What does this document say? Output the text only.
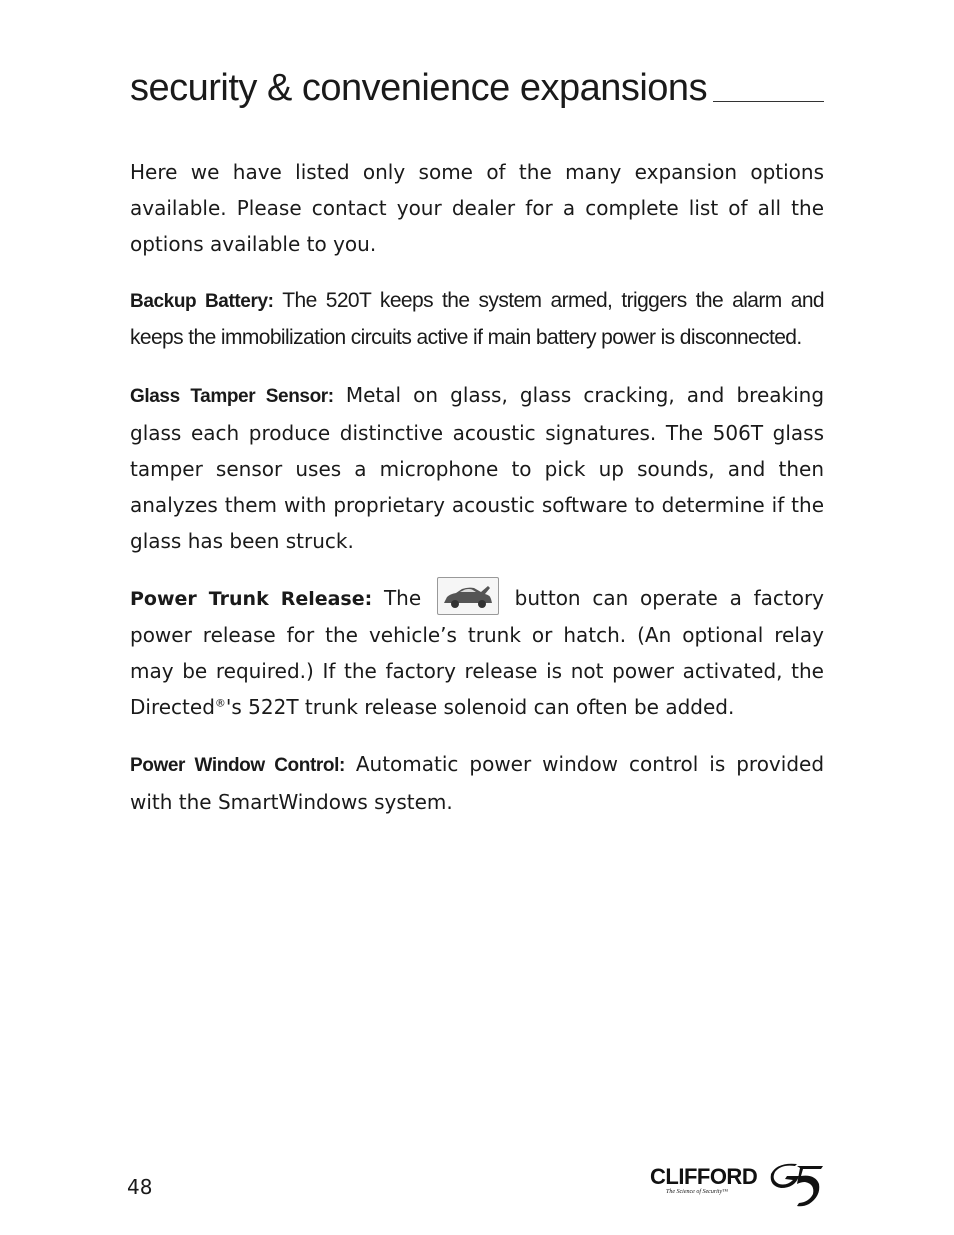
security & convenience expansions

Here we have listed only some of the many expansion options available. Please contact your dealer for a complete list of all the options available to you.

Backup Battery: The 520T keeps the system armed, triggers the alarm and keeps the immobilization circuits active if main battery power is disconnected.

Glass Tamper Sensor: Metal on glass, glass cracking, and breaking glass each produce distinctive acoustic signatures. The 506T glass tamper sensor uses a microphone to pick up sounds, and then analyzes them with proprietary acoustic software to determine if the glass has been struck.

Power Trunk Release: The	button can operate a factory power release for the vehicle’s trunk or hatch. (An optional relay may be required.) If the factory release is not power activated, the Directed®'s 522T trunk release solenoid can often be added.

Power Window Control: Automatic power window control is provided with the SmartWindows system.

48	CLIFFORD
The Science of Security™
